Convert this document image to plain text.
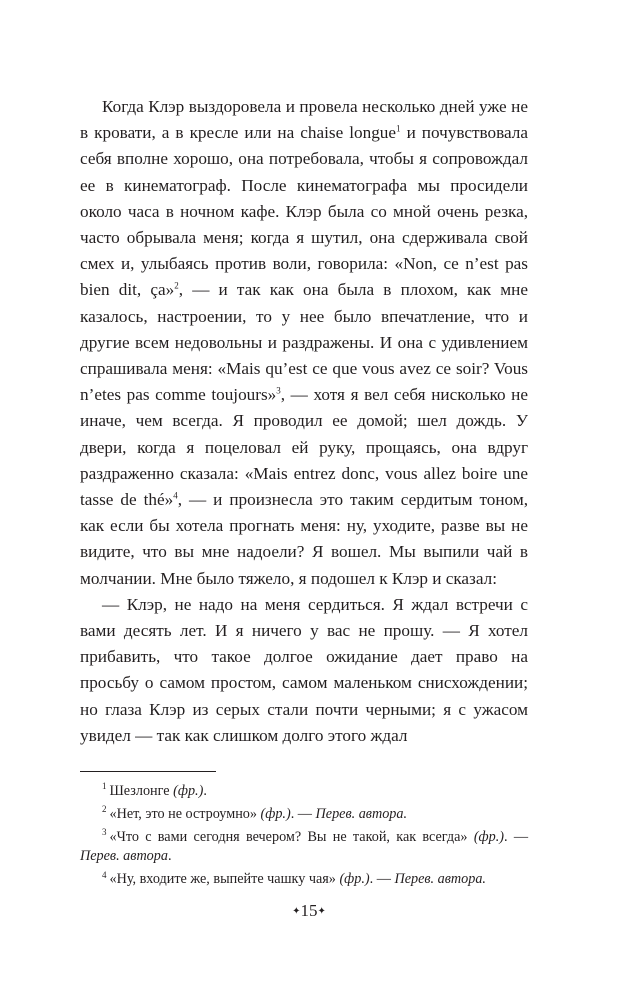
Когда Клэр выздоровела и провела несколько дней уже не в кровати, а в кресле или на chaise longue$^1$ и почувствовала себя вполне хорошо, она потребовала, чтобы я сопровождал ее в кинематограф. После кинематографа мы просидели около часа в ночном кафе. Клэр была со мной очень резка, часто обрывала меня; когда я шутил, она сдерживала свой смех и, улыбаясь против воли, говорила: «Non, ce n’est pas bien dit, ça»$^2$, — и так как она была в плохом, как мне казалось, настроении, то у нее было впечатление, что и другие всем недовольны и раздражены. И она с удивлением спрашивала меня: «Mais qu’est ce que vous avez ce soir? Vous n’etes pas comme toujours»$^3$, — хотя я вел себя нисколько не иначе, чем всегда. Я проводил ее домой; шел дождь. У двери, когда я поцеловал ей руку, прощаясь, она вдруг раздраженно сказала: «Mais entrez donc, vous allez boire une tasse de thé»$^4$, — и произнесла это таким сердитым тоном, как если бы хотела прогнать меня: ну, уходите, разве вы не видите, что вы мне надоели? Я вошел. Мы выпили чай в молчании. Мне было тяжело, я подошел к Клэр и сказал:

— Клэр, не надо на меня сердиться. Я ждал встречи с вами десять лет. И я ничего у вас не прошу. — Я хотел прибавить, что такое долгое ожидание дает право на просьбу о самом простом, самом маленьком снисхождении; но глаза Клэр из серых стали почти черными; я с ужасом увидел — так как слишком долго этого ждал

$^1$ Шезлонге (фр.).
$^2$ «Нет, это не остроумно» (фр.). — Перев. автора.
$^3$ «Что с вами сегодня вечером? Вы не такой, как всегда» (фр.). — Перев. автора.
$^4$ «Ну, входите же, выпейте чашку чая» (фр.). — Перев. автора.
✦15✦
